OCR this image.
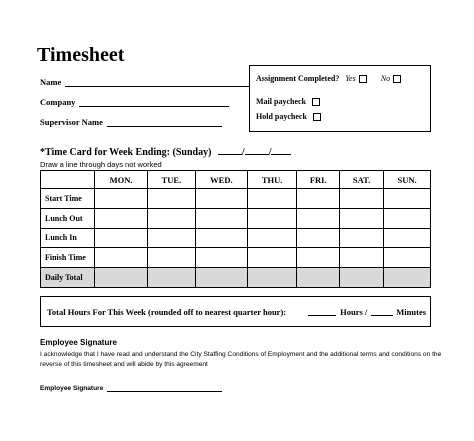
Timesheet
Name
Company
Supervisor Name
Assignment Completed? Yes	No
Mail paycheck
Hold paycheck
*Time Card for Week Ending: (Sunday)	/ /
Draw a line through days not worked
	MON.	TUE.	WED.	THU.	FRI.	SAT.	SUN.
Start Time							
Lunch Out							
Lunch In							
Finish Time							
Daily Total							
Total Hours For This Week (rounded off to nearest quarter hour):	Hours /	Minutes
Employee Signature
I acknowledge that I have read and understand the City Staffing Conditions of Employment and the additional terms and conditions on the reverse of this timesheet and will abide by this agreement
Employee Signature
